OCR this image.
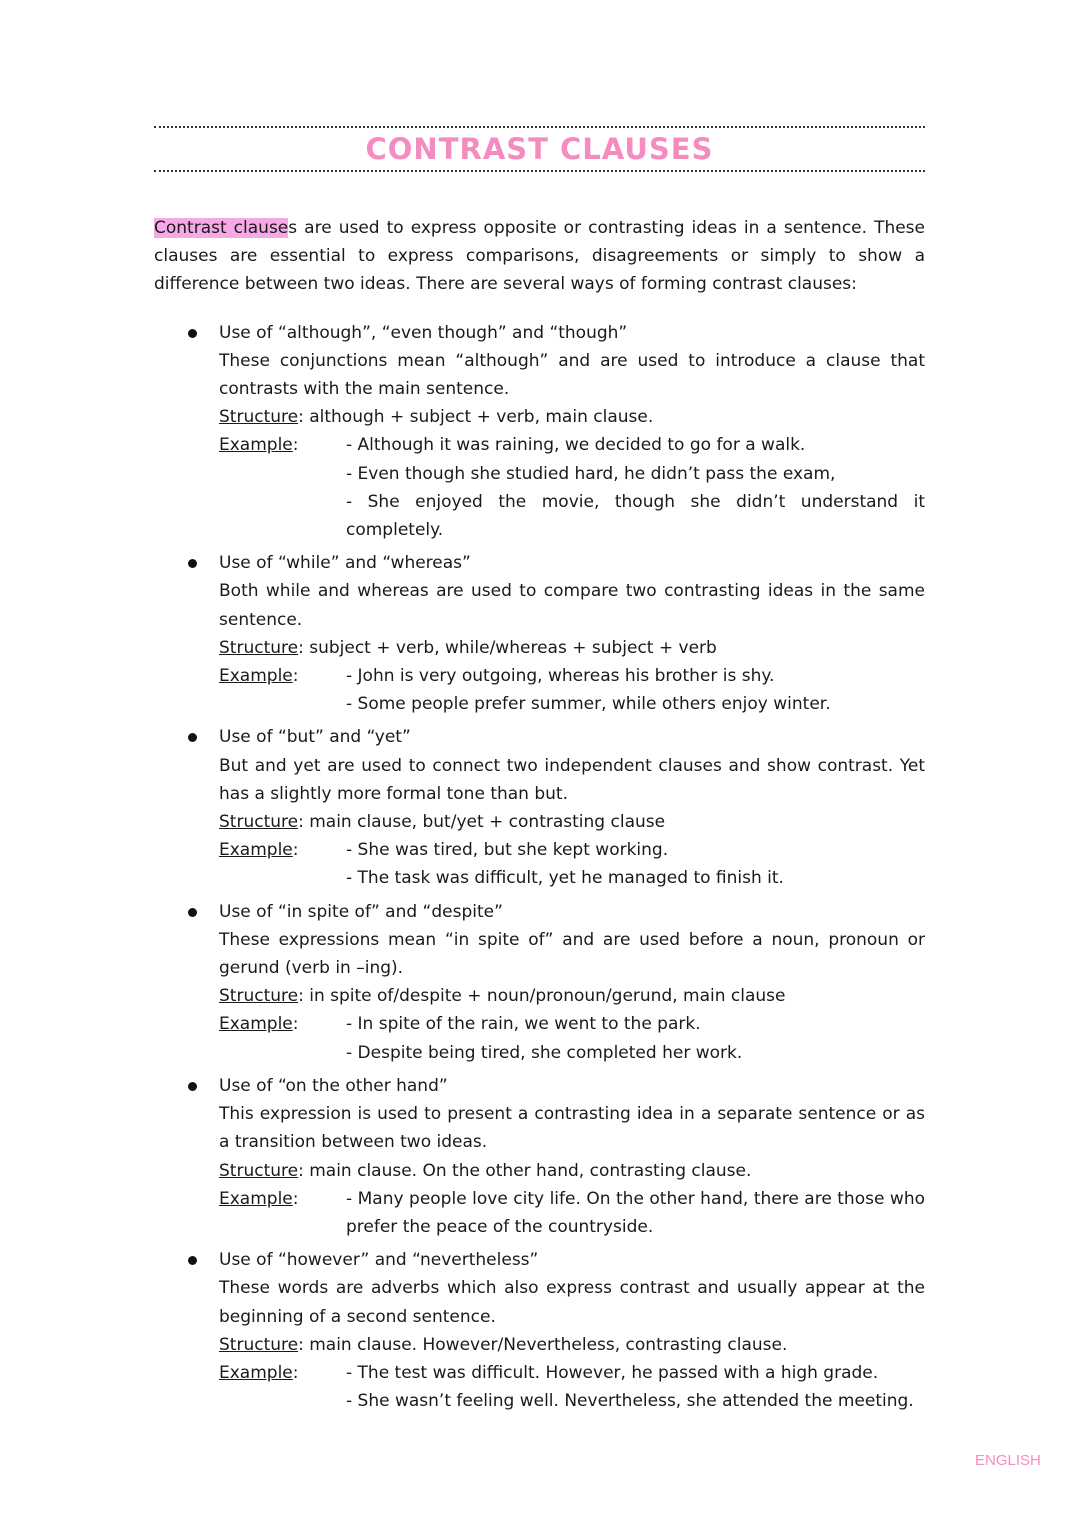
CONTRAST CLAUSES

Contrast clauses are used to express opposite or contrasting ideas in a sentence. These clauses are essential to express comparisons, disagreements or simply to show a difference between two ideas. There are several ways of forming contrast clauses:

Use of “although”, “even though” and “though”
These conjunctions mean “although” and are used to introduce a clause that contrasts with the main sentence.
Structure: although + subject + verb, main clause.
Example:	- Although it was raining, we decided to go for a walk.
- Even though she studied hard, he didn’t pass the exam,
- She enjoyed the movie, though she didn’t understand it completely.
Use of “while” and “whereas”
Both while and whereas are used to compare two contrasting ideas in the same sentence.
Structure: subject + verb, while/whereas + subject + verb
Example:	- John is very outgoing, whereas his brother is shy.
- Some people prefer summer, while others enjoy winter.
Use of “but” and “yet”
But and yet are used to connect two independent clauses and show contrast. Yet has a slightly more formal tone than but.
Structure: main clause, but/yet + contrasting clause
Example:	- She was tired, but she kept working.
- The task was difficult, yet he managed to finish it.
Use of “in spite of” and “despite”
These expressions mean “in spite of” and are used before a noun, pronoun or gerund (verb in –ing).
Structure: in spite of/despite + noun/pronoun/gerund, main clause
Example:	- In spite of the rain, we went to the park.
- Despite being tired, she completed her work.
Use of “on the other hand”
This expression is used to present a contrasting idea in a separate sentence or as a transition between two ideas.
Structure: main clause. On the other hand, contrasting clause.
Example:	- Many people love city life. On the other hand, there are those who prefer the peace of the countryside.
Use of “however” and “nevertheless”
These words are adverbs which also express contrast and usually appear at the beginning of a second sentence.
Structure: main clause. However/Nevertheless, contrasting clause.
Example:	- The test was difficult. However, he passed with a high grade.
- She wasn’t feeling well. Nevertheless, she attended the meeting.
ENGLISH
